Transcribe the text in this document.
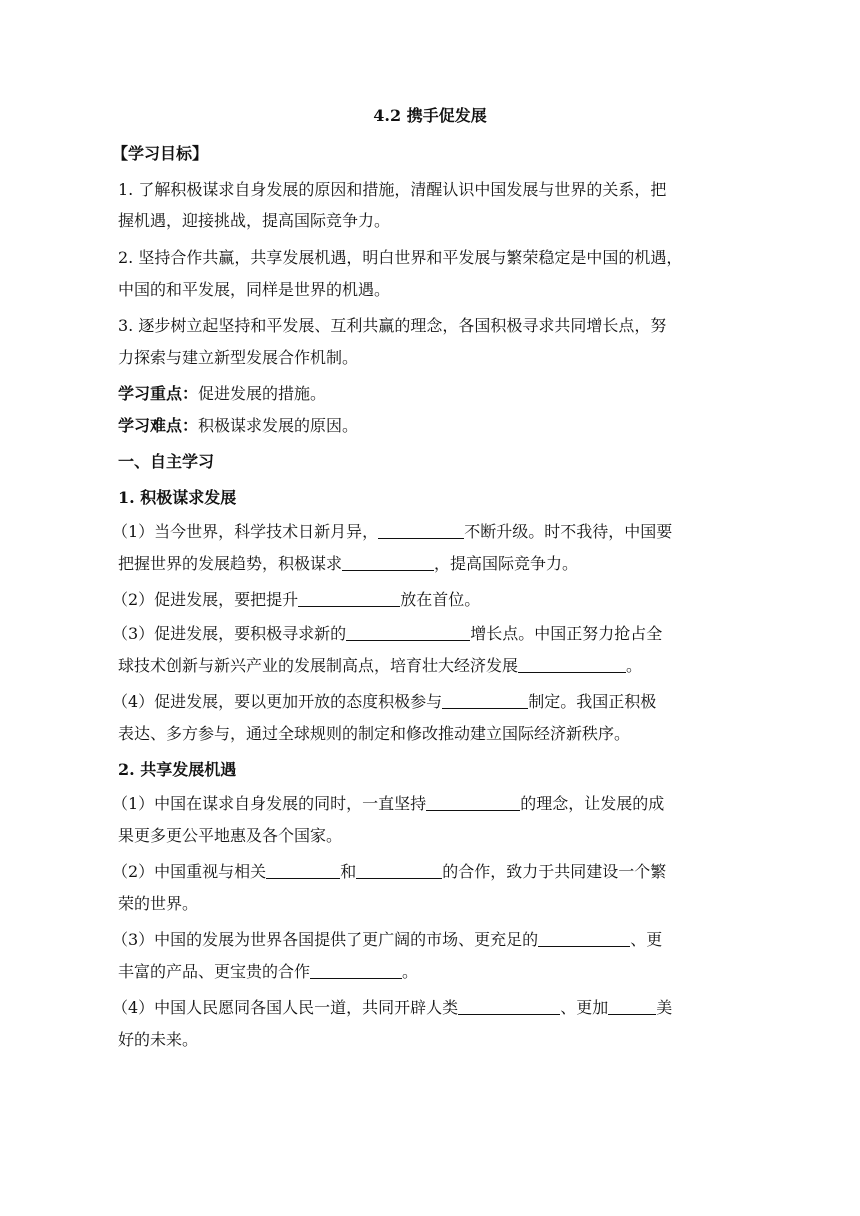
4.2 携手促发展
【学习目标】
1. 了解积极谋求自身发展的原因和措施，清醒认识中国发展与世界的关系，把
握机遇，迎接挑战，提高国际竞争力。
2. 坚持合作共赢，共享发展机遇，明白世界和平发展与繁荣稳定是中国的机遇，
中国的和平发展，同样是世界的机遇。
3. 逐步树立起坚持和平发展、互利共赢的理念，各国积极寻求共同增长点，努
力探索与建立新型发展合作机制。
学习重点：促进发展的措施。
学习难点：积极谋求发展的原因。
一、自主学习
1. 积极谋求发展
（1）当今世界，科学技术日新月异，	不断升级。时不我待，中国要
把握世界的发展趋势，积极谋求	，提高国际竞争力。
（2）促进发展，要把提升	放在首位。
（3）促进发展，要积极寻求新的	增长点。中国正努力抢占全
球技术创新与新兴产业的发展制高点，培育壮大经济发展	。
（4）促进发展，要以更加开放的态度积极参与	制定。我国正积极
表达、多方参与，通过全球规则的制定和修改推动建立国际经济新秩序。
2. 共享发展机遇
（1）中国在谋求自身发展的同时，一直坚持	的理念，让发展的成
果更多更公平地惠及各个国家。
（2）中国重视与相关	和	的合作，致力于共同建设一个繁
荣的世界。
（3）中国的发展为世界各国提供了更广阔的市场、更充足的	、更
丰富的产品、更宝贵的合作	。
（4）中国人民愿同各国人民一道，共同开辟人类	、更加	美
好的未来。
